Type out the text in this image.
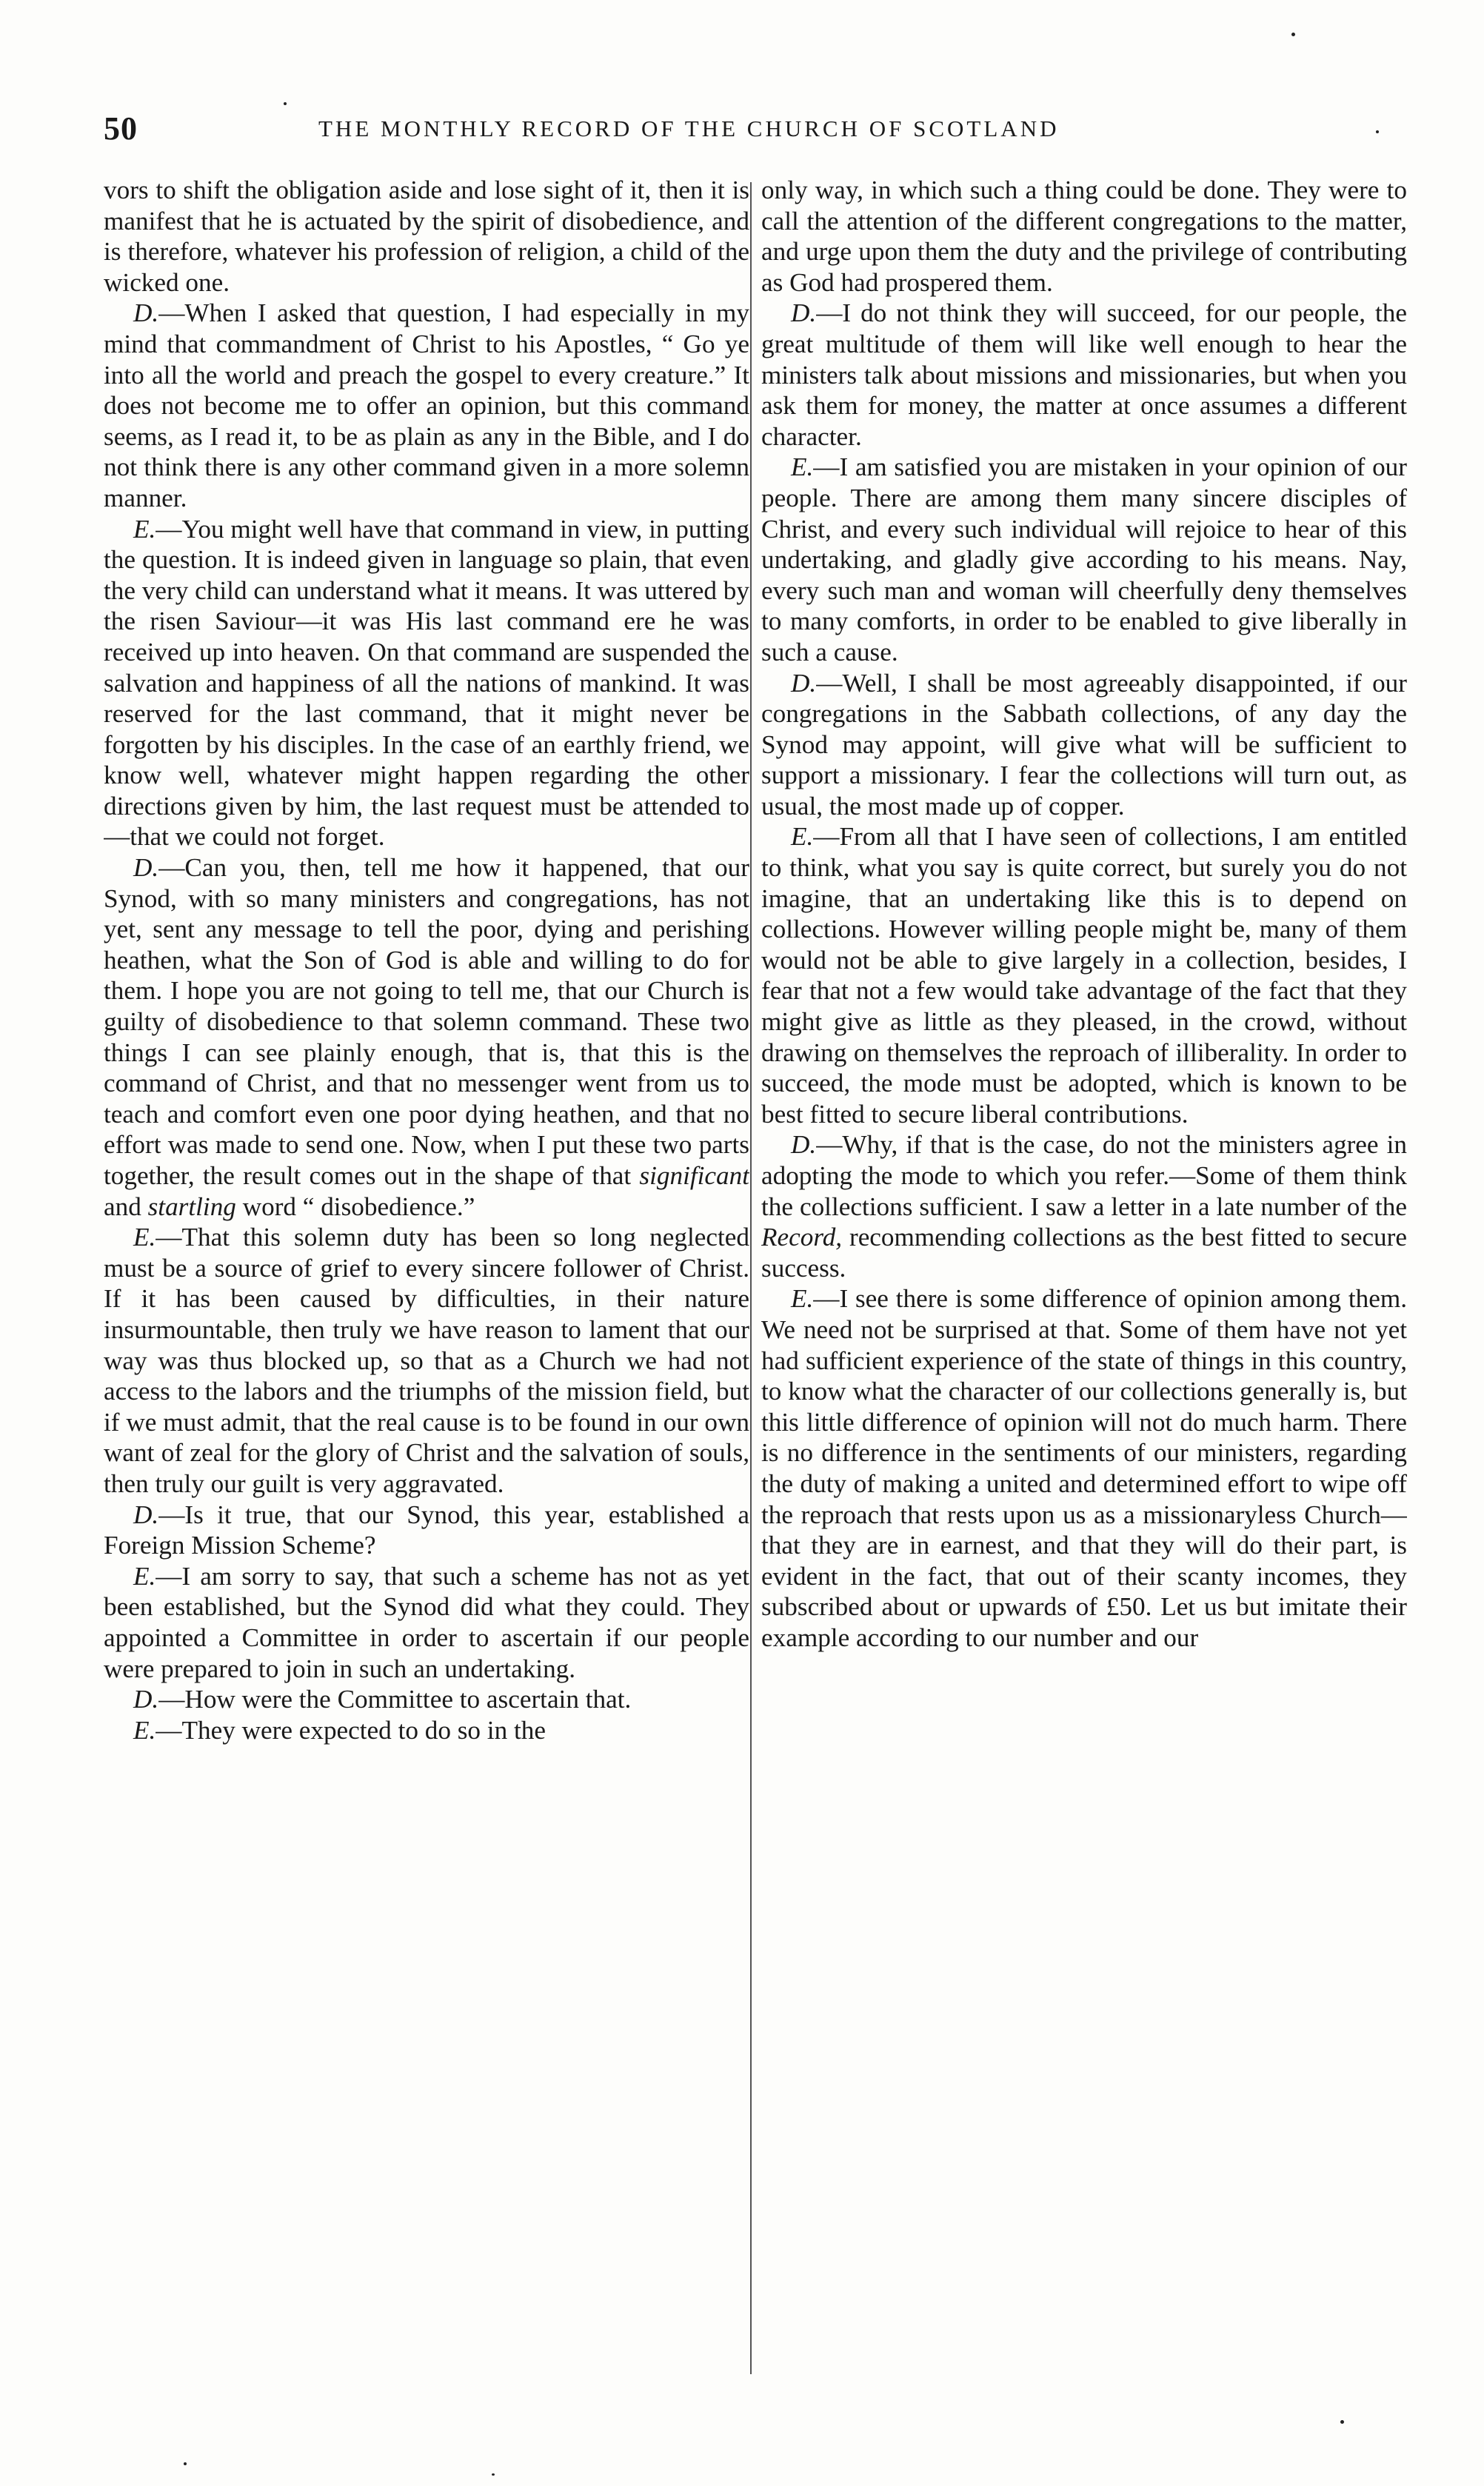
50	THE MONTHLY RECORD OF THE CHURCH OF SCOTLAND

vors to shift the obligation aside and lose sight of it, then it is manifest that he is actuated by the spirit of disobedience, and is therefore, whatever his profession of religion, a child of the wicked one.

D.—When I asked that question, I had especially in my mind that commandment of Christ to his Apostles, “ Go ye into all the world and preach the gospel to every creature.” It does not become me to offer an opinion, but this command seems, as I read it, to be as plain as any in the Bible, and I do not think there is any other command given in a more solemn manner.

E.—You might well have that command in view, in putting the question. It is indeed given in language so plain, that even the very child can understand what it means. It was uttered by the risen Saviour—it was His last command ere he was received up into heaven. On that command are suspended the salvation and happiness of all the nations of mankind. It was reserved for the last command, that it might never be forgotten by his disciples. In the case of an earthly friend, we know well, whatever might happen regarding the other directions given by him, the last request must be attended to—that we could not forget.

D.—Can you, then, tell me how it happened, that our Synod, with so many ministers and congregations, has not yet, sent any message to tell the poor, dying and perishing heathen, what the Son of God is able and willing to do for them. I hope you are not going to tell me, that our Church is guilty of disobedience to that solemn command. These two things I can see plainly enough, that is, that this is the command of Christ, and that no messenger went from us to teach and comfort even one poor dying heathen, and that no effort was made to send one. Now, when I put these two parts together, the result comes out in the shape of that significant and startling word “ disobedience.”

E.—That this solemn duty has been so long neglected must be a source of grief to every sincere follower of Christ. If it has been caused by difficulties, in their nature insurmountable, then truly we have reason to lament that our way was thus blocked up, so that as a Church we had not access to the labors and the triumphs of the mission field, but if we must admit, that the real cause is to be found in our own want of zeal for the glory of Christ and the salvation of souls, then truly our guilt is very aggravated.

D.—Is it true, that our Synod, this year, established a Foreign Mission Scheme?

E.—I am sorry to say, that such a scheme has not as yet been established, but the Synod did what they could. They appointed a Committee in order to ascertain if our people were prepared to join in such an undertaking.

D.—How were the Committee to ascertain that.

E.—They were expected to do so in the

only way, in which such a thing could be done. They were to call the attention of the different congregations to the matter, and urge upon them the duty and the privilege of contributing as God had prospered them.

D.—I do not think they will succeed, for our people, the great multitude of them will like well enough to hear the ministers talk about missions and missionaries, but when you ask them for money, the matter at once assumes a different character.

E.—I am satisfied you are mistaken in your opinion of our people. There are among them many sincere disciples of Christ, and every such individual will rejoice to hear of this undertaking, and gladly give according to his means. Nay, every such man and woman will cheerfully deny themselves to many comforts, in order to be enabled to give liberally in such a cause.

D.—Well, I shall be most agreeably disappointed, if our congregations in the Sabbath collections, of any day the Synod may appoint, will give what will be sufficient to support a missionary. I fear the collections will turn out, as usual, the most made up of copper.

E.—From all that I have seen of collections, I am entitled to think, what you say is quite correct, but surely you do not imagine, that an undertaking like this is to depend on collections. However willing people might be, many of them would not be able to give largely in a collection, besides, I fear that not a few would take advantage of the fact that they might give as little as they pleased, in the crowd, without drawing on themselves the reproach of illiberality. In order to succeed, the mode must be adopted, which is known to be best fitted to secure liberal contributions.

D.—Why, if that is the case, do not the ministers agree in adopting the mode to which you refer.—Some of them think the collections sufficient. I saw a letter in a late number of the Record, recommending collections as the best fitted to secure success.

E.—I see there is some difference of opinion among them. We need not be surprised at that. Some of them have not yet had sufficient experience of the state of things in this country, to know what the character of our collections generally is, but this little difference of opinion will not do much harm. There is no difference in the sentiments of our ministers, regarding the duty of making a united and determined effort to wipe off the reproach that rests upon us as a missionaryless Church—that they are in earnest, and that they will do their part, is evident in the fact, that out of their scanty incomes, they subscribed about or upwards of £50. Let us but imitate their example according to our number and our
